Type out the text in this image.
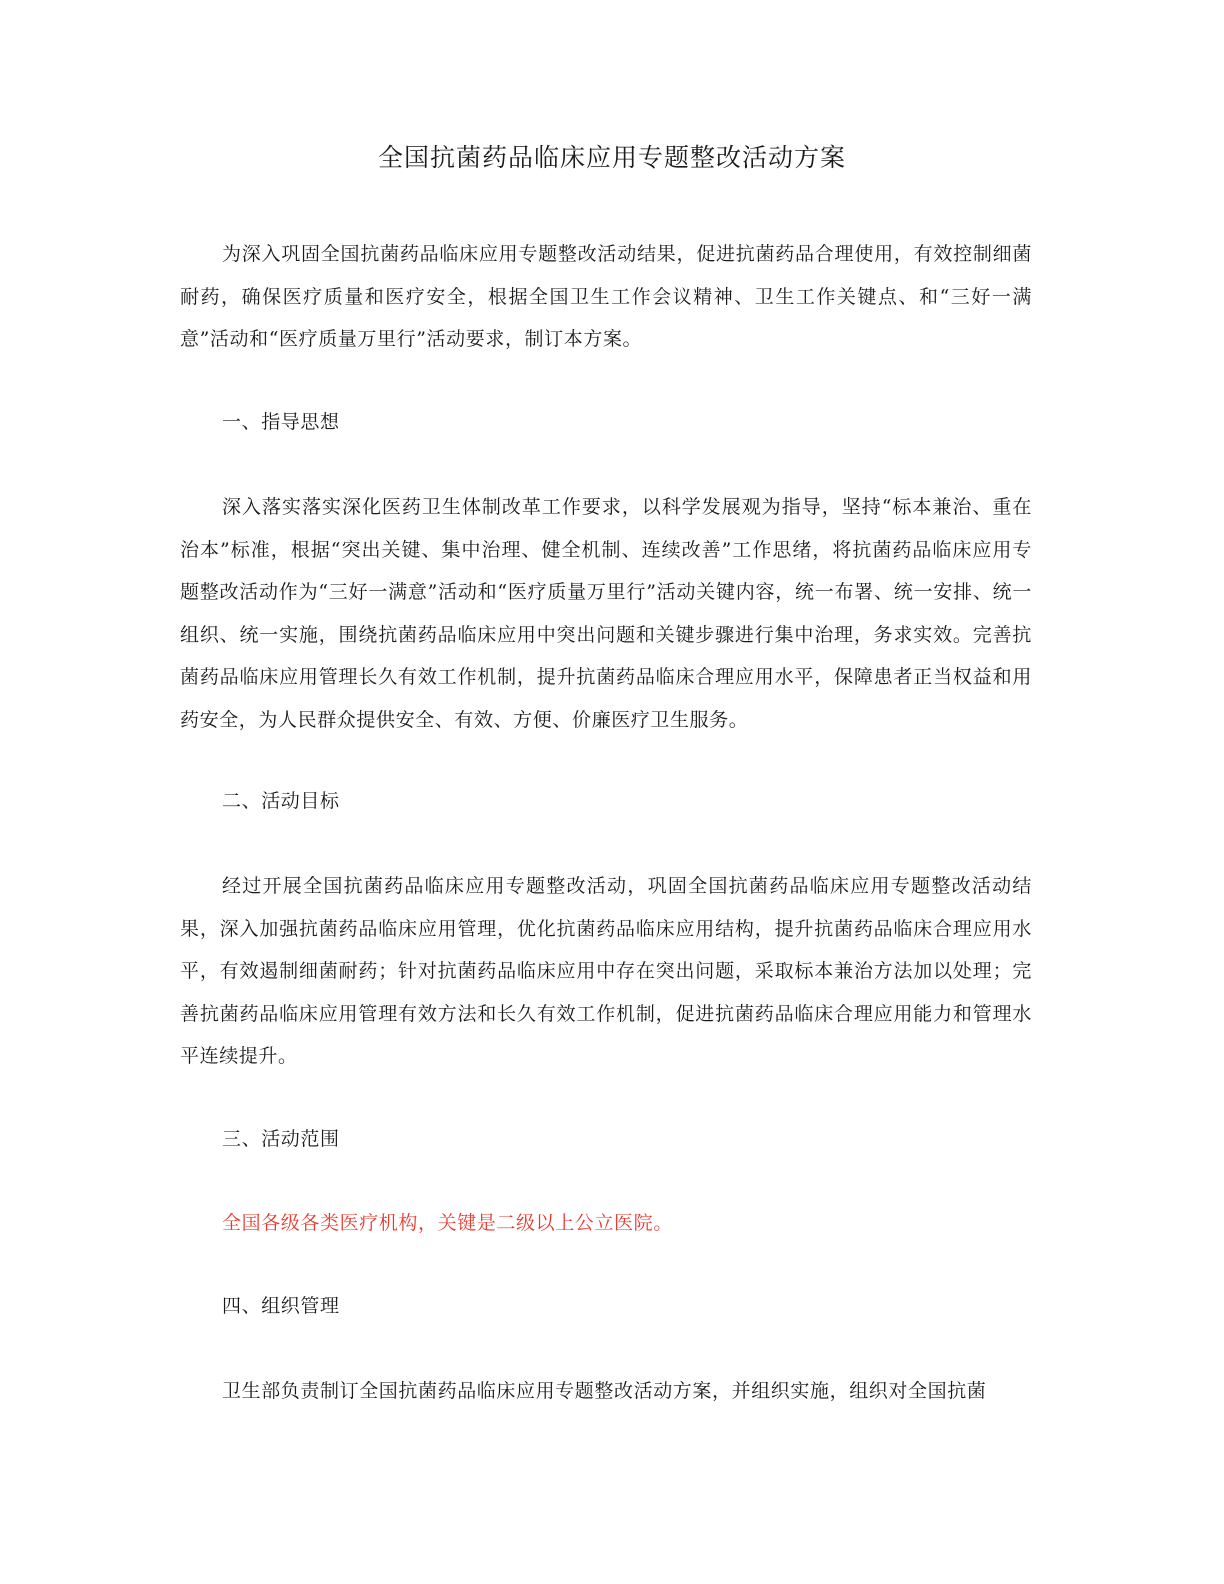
全国抗菌药品临床应用专题整改活动方案

为深入巩固全国抗菌药品临床应用专题整改活动结果，促进抗菌药品合理使用，有效控制细菌耐药，确保医疗质量和医疗安全，根据全国卫生工作会议精神、卫生工作关键点、和“三好一满意”活动和“医疗质量万里行”活动要求，制订本方案。

一、指导思想

深入落实落实深化医药卫生体制改革工作要求，以科学发展观为指导，坚持“标本兼治、重在治本”标准，根据“突出关键、集中治理、健全机制、连续改善”工作思绪，将抗菌药品临床应用专题整改活动作为“三好一满意”活动和“医疗质量万里行”活动关键内容，统一布署、统一安排、统一组织、统一实施，围绕抗菌药品临床应用中突出问题和关键步骤进行集中治理，务求实效。完善抗菌药品临床应用管理长久有效工作机制，提升抗菌药品临床合理应用水平，保障患者正当权益和用药安全，为人民群众提供安全、有效、方便、价廉医疗卫生服务。

二、活动目标

经过开展全国抗菌药品临床应用专题整改活动，巩固全国抗菌药品临床应用专题整改活动结果，深入加强抗菌药品临床应用管理，优化抗菌药品临床应用结构，提升抗菌药品临床合理应用水平，有效遏制细菌耐药；针对抗菌药品临床应用中存在突出问题，采取标本兼治方法加以处理；完善抗菌药品临床应用管理有效方法和长久有效工作机制，促进抗菌药品临床合理应用能力和管理水平连续提升。

三、活动范围

全国各级各类医疗机构，关键是二级以上公立医院。

四、组织管理

卫生部负责制订全国抗菌药品临床应用专题整改活动方案，并组织实施，组织对全国抗菌
